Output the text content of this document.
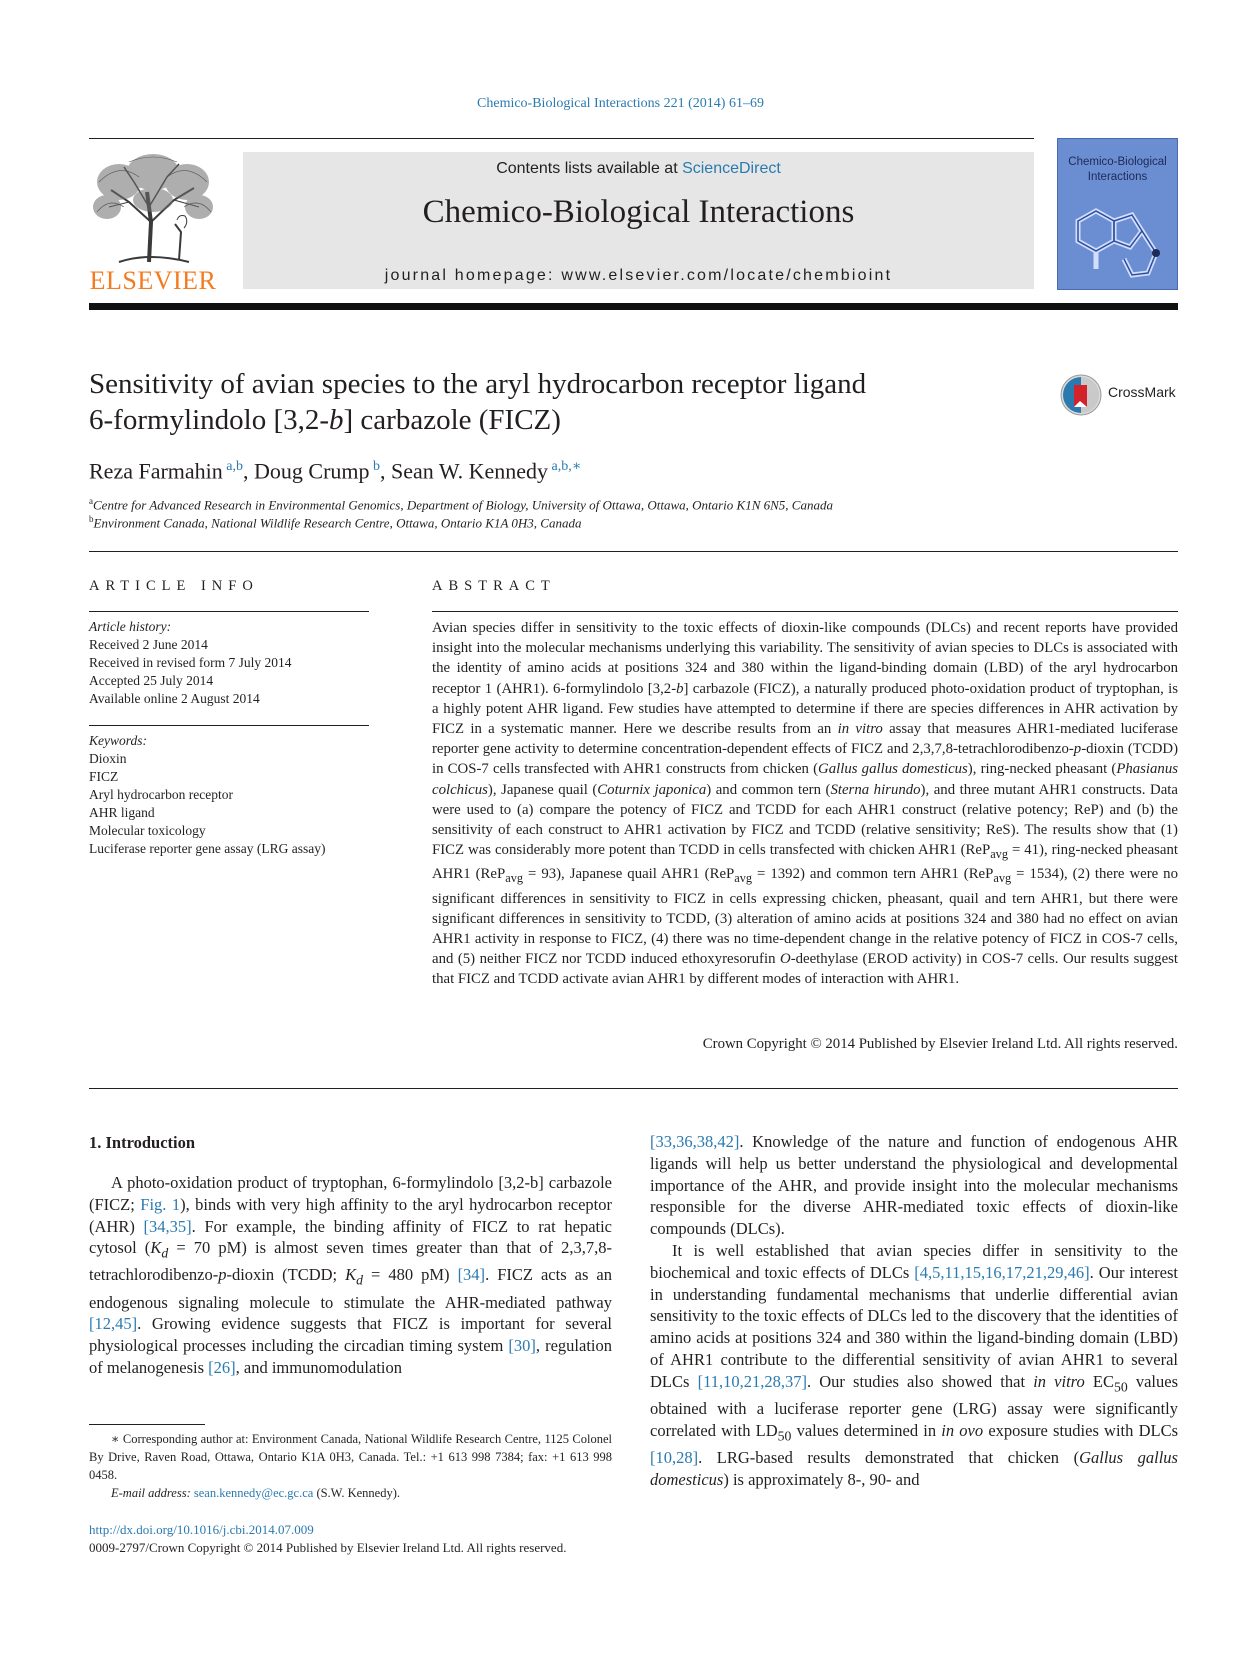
Chemico-Biological Interactions 221 (2014) 61–69
ELSEVIER
Contents lists available at ScienceDirect
Chemico-Biological Interactions
journal homepage: www.elsevier.com/locate/chembioint
Chemico-Biological
Interactions
Sensitivity of avian species to the aryl hydrocarbon receptor ligand
6-formylindolo [3,2-b] carbazole (FICZ)
CrossMark
Reza Farmahin $^{a,b}$, Doug Crump $^b$, Sean W. Kennedy $^{a,b,∗}$
$^a$Centre for Advanced Research in Environmental Genomics, Department of Biology, University of Ottawa, Ottawa, Ontario K1N 6N5, Canada
$^b$Environment Canada, National Wildlife Research Centre, Ottawa, Ontario K1A 0H3, Canada
ARTICLE INFO
Article history:
Received 2 June 2014
Received in revised form 7 July 2014
Accepted 25 July 2014
Available online 2 August 2014
Keywords:
Dioxin
FICZ
Aryl hydrocarbon receptor
AHR ligand
Molecular toxicology
Luciferase reporter gene assay (LRG assay)
ABSTRACT
Avian species differ in sensitivity to the toxic effects of dioxin-like compounds (DLCs) and recent reports have provided insight into the molecular mechanisms underlying this variability. The sensitivity of avian species to DLCs is associated with the identity of amino acids at positions 324 and 380 within the ligand-binding domain (LBD) of the aryl hydrocarbon receptor 1 (AHR1). 6-formylindolo [3,2-b] carbazole (FICZ), a naturally produced photo-oxidation product of tryptophan, is a highly potent AHR ligand. Few studies have attempted to determine if there are species differences in AHR activation by FICZ in a systematic manner. Here we describe results from an in vitro assay that measures AHR1-mediated luciferase reporter gene activity to determine concentration-dependent effects of FICZ and 2,3,7,8-tetrachlorodibenzo-p-dioxin (TCDD) in COS-7 cells transfected with AHR1 constructs from chicken (Gallus gallus domesticus), ring-necked pheasant (Phasianus colchicus), Japanese quail (Coturnix japonica) and common tern (Sterna hirundo), and three mutant AHR1 constructs. Data were used to (a) compare the potency of FICZ and TCDD for each AHR1 construct (relative potency; ReP) and (b) the sensitivity of each construct to AHR1 activation by FICZ and TCDD (relative sensitivity; ReS). The results show that (1) FICZ was considerably more potent than TCDD in cells transfected with chicken AHR1 (ReP$_{avg}$ = 41), ring-necked pheasant AHR1 (ReP$_{avg}$ = 93), Japanese quail AHR1 (ReP$_{avg}$ = 1392) and common tern AHR1 (ReP$_{avg}$ = 1534), (2) there were no significant differences in sensitivity to FICZ in cells expressing chicken, pheasant, quail and tern AHR1, but there were significant differences in sensitivity to TCDD, (3) alteration of amino acids at positions 324 and 380 had no effect on avian AHR1 activity in response to FICZ, (4) there was no time-dependent change in the relative potency of FICZ in COS-7 cells, and (5) neither FICZ nor TCDD induced ethoxyresorufin O-deethylase (EROD activity) in COS-7 cells. Our results suggest that FICZ and TCDD activate avian AHR1 by different modes of interaction with AHR1.
Crown Copyright © 2014 Published by Elsevier Ireland Ltd. All rights reserved.
1. Introduction

A photo-oxidation product of tryptophan, 6-formylindolo [3,2-b] carbazole (FICZ; Fig. 1), binds with very high affinity to the aryl hydrocarbon receptor (AHR) [34,35]. For example, the binding affinity of FICZ to rat hepatic cytosol ($K_d = 70$ pM) is almost seven times greater than that of 2,3,7,8-tetrachlorodibenzo-p-dioxin (TCDD; $K_d = 480$ pM) [34]. FICZ acts as an endogenous signaling molecule to stimulate the AHR-mediated pathway [12,45]. Growing evidence suggests that FICZ is important for several physiological processes including the circadian timing system [30], regulation of melanogenesis [26], and immunomodulation

[33,36,38,42]. Knowledge of the nature and function of endogenous AHR ligands will help us better understand the physiological and developmental importance of the AHR, and provide insight into the molecular mechanisms responsible for the diverse AHR-mediated toxic effects of dioxin-like compounds (DLCs).

It is well established that avian species differ in sensitivity to the biochemical and toxic effects of DLCs [4,5,11,15,16,17,21,29,46]. Our interest in understanding fundamental mechanisms that underlie differential avian sensitivity to the toxic effects of DLCs led to the discovery that the identities of amino acids at positions 324 and 380 within the ligand-binding domain (LBD) of AHR1 contribute to the differential sensitivity of avian AHR1 to several DLCs [11,10,21,28,37]. Our studies also showed that in vitro $EC_{50}$ values obtained with a luciferase reporter gene (LRG) assay were significantly correlated with $LD_{50}$ values determined in in ovo exposure studies with DLCs [10,28]. LRG-based results demonstrated that chicken (Gallus gallus domesticus) is approximately 8-, 90- and

∗ Corresponding author at: Environment Canada, National Wildlife Research Centre, 1125 Colonel By Drive, Raven Road, Ottawa, Ontario K1A 0H3, Canada. Tel.: +1 613 998 7384; fax: +1 613 998 0458.

E-mail address: sean.kennedy@ec.gc.ca (S.W. Kennedy).

http://dx.doi.org/10.1016/j.cbi.2014.07.009
0009-2797/Crown Copyright © 2014 Published by Elsevier Ireland Ltd. All rights reserved.
